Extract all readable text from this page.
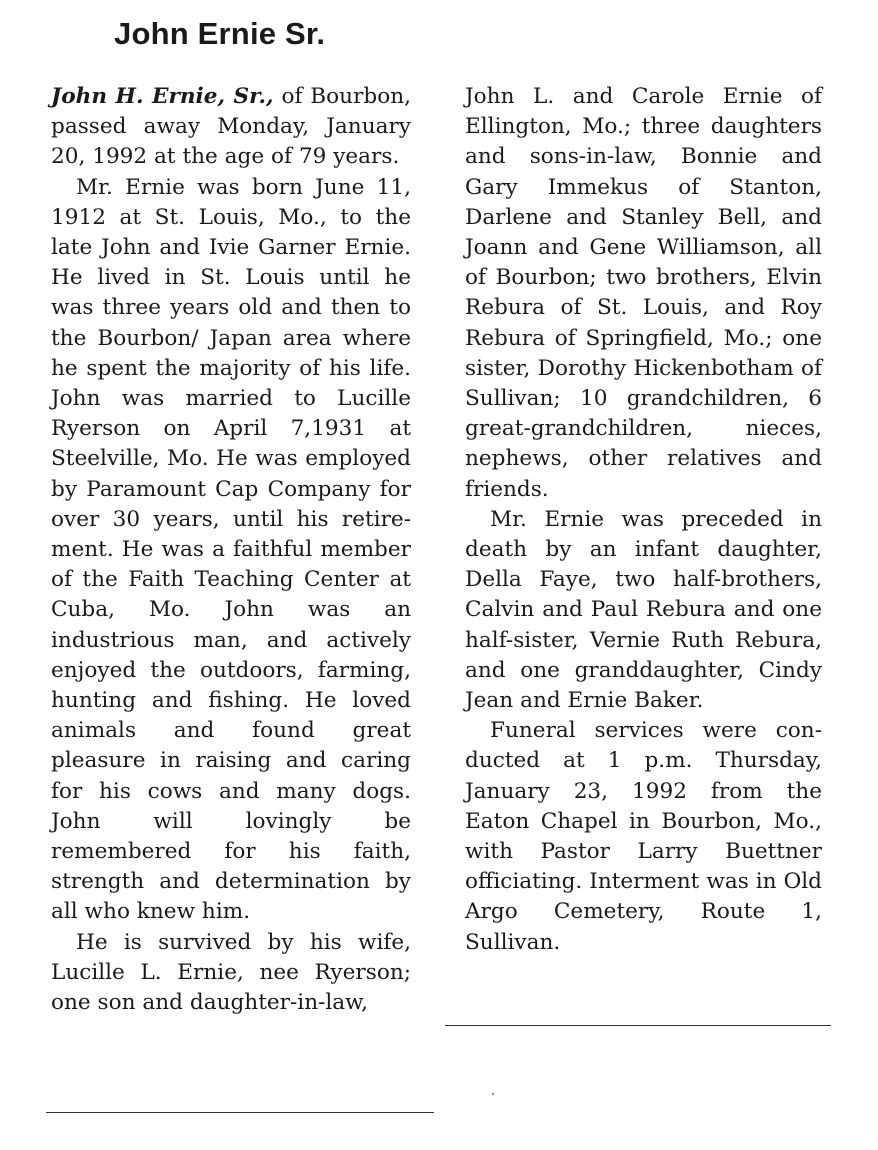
John Ernie Sr.

John H. Ernie, Sr., of Bourbon, passed away Monday, January 20, 1992 at the age of 79 years.

Mr. Ernie was born June 11, 1912 at St. Louis, Mo., to the late John and Ivie Garner Ernie. He lived in St. Louis until he was three years old and then to the Bourbon/ Japan area where he spent the majority of his life. John was married to Lucille Ryerson on April 7,1931 at Steelville, Mo. He was employed by Paramount Cap Company for over 30 years, until his retirement. He was a faithful member of the Faith Teaching Center at Cuba, Mo. John was an industrious man, and actively enjoyed the outdoors, farming, hunting and fishing. He loved animals and found great pleasure in raising and caring for his cows and many dogs. John will lovingly be remembered for his faith, strength and determination by all who knew him.

He is survived by his wife, Lucille L. Ernie, nee Ryerson; one son and daughter-in-law,

John L. and Carole Ernie of Ellington, Mo.; three daughters and sons-in-law, Bonnie and Gary Immekus of Stanton, Darlene and Stanley Bell, and Joann and Gene Williamson, all of Bourbon; two brothers, Elvin Rebura of St. Louis, and Roy Rebura of Springfield, Mo.; one sister, Dorothy Hickenbotham of Sullivan; 10 grandchildren, 6 great-grandchildren, nieces, nephews, other relatives and friends.

Mr. Ernie was preceded in death by an infant daughter, Della Faye, two half-brothers, Calvin and Paul Rebura and one half-sister, Vernie Ruth Rebura, and one granddaughter, Cindy Jean and Ernie Baker.

Funeral services were conducted at 1 p.m. Thursday, January 23, 1992 from the Eaton Chapel in Bourbon, Mo., with Pastor Larry Buettner officiating. Interment was in Old Argo Cemetery, Route 1, Sullivan.
